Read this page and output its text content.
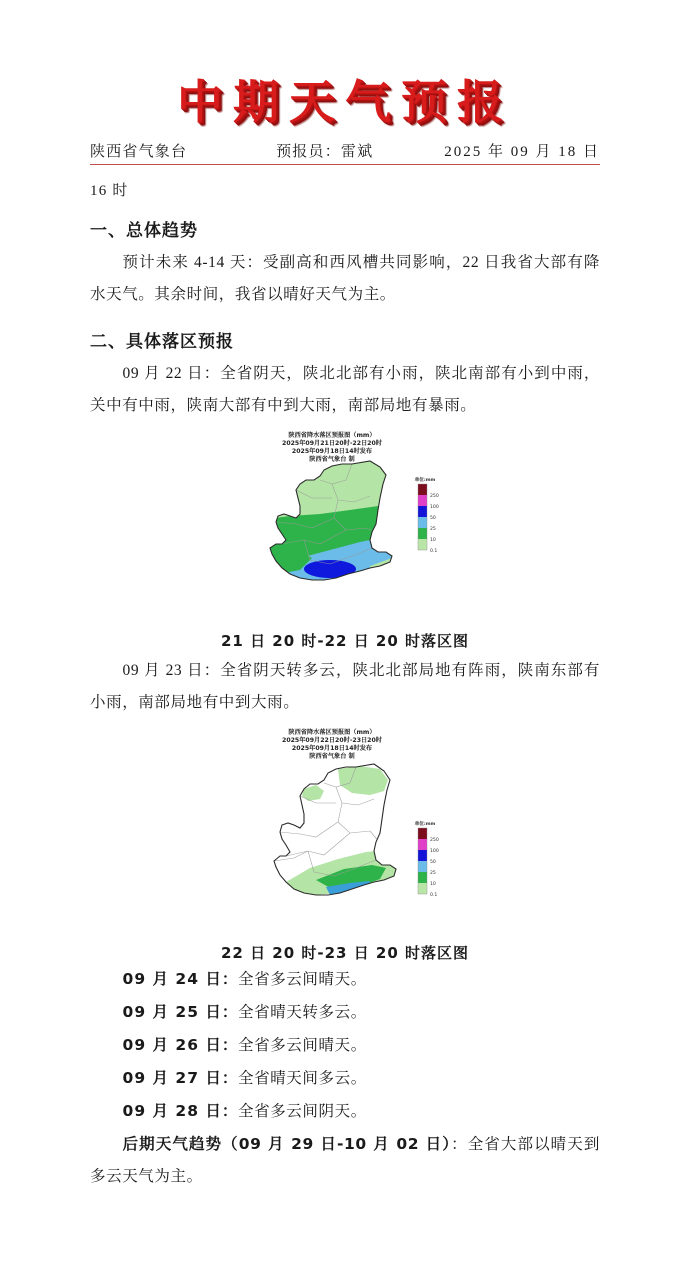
中期天气预报
陕西省气象台	预报员：雷斌	2025 年 09 月 18 日
16 时
一、总体趋势
预计未来 4-14 天：受副高和西风槽共同影响，22 日我省大部有降水天气。其余时间，我省以晴好天气为主。
二、具体落区预报
09 月 22 日：全省阴天，陕北北部有小雨，陕北南部有小到中雨，关中有中雨，陕南大部有中到大雨，南部局地有暴雨。
陕西省降水落区预报图（mm）
2025年09月21日20时-22日20时
2025年09月18日14时发布
陕西省气象台 制
单位:mm
250
100
50
25
10
0.1
21 日 20 时-22 日 20 时落区图
09 月 23 日：全省阴天转多云，陕北北部局地有阵雨，陕南东部有小雨，南部局地有中到大雨。
陕西省降水落区预报图（mm）
2025年09月22日20时-23日20时
2025年09月18日14时发布
陕西省气象台 制
单位:mm
250
100
50
25
10
0.1
22 日 20 时-23 日 20 时落区图
09 月 24 日：全省多云间晴天。
09 月 25 日：全省晴天转多云。
09 月 26 日：全省多云间晴天。
09 月 27 日：全省晴天间多云。
09 月 28 日：全省多云间阴天。
后期天气趋势（09 月 29 日-10 月 02 日）：全省大部以晴天到多云天气为主。
